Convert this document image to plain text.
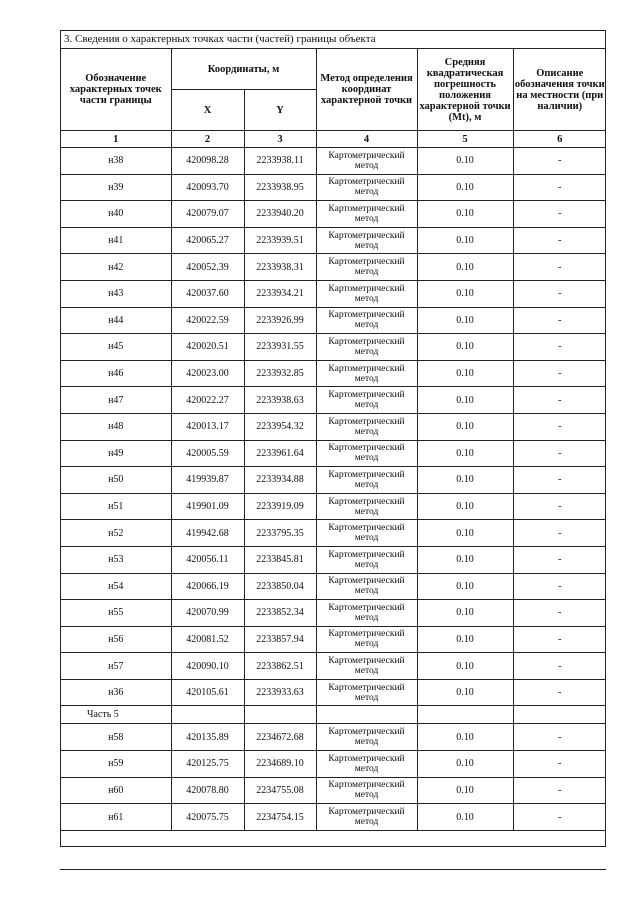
3. Сведения о характерных точках части (частей) границы объекта
Обозначение характерных точек части границы	Координаты, м		Метод определения координат характерной точки	Средняя квадратическая погрешность положения характерной точки (Mt), м	Описание обозначения точки на местности (при наличии)
	X	Y			
1	2	3	4	5	6
н38	420098.28	2233938.11	Картометрический метод	0.10	-
н39	420093.70	2233938.95	Картометрический метод	0.10	-
н40	420079.07	2233940.20	Картометрический метод	0.10	-
н41	420065.27	2233939.51	Картометрический метод	0.10	-
н42	420052.39	2233938.31	Картометрический метод	0.10	-
н43	420037.60	2233934.21	Картометрический метод	0.10	-
н44	420022.59	2233926.99	Картометрический метод	0.10	-
н45	420020.51	2233931.55	Картометрический метод	0.10	-
н46	420023.00	2233932.85	Картометрический метод	0.10	-
н47	420022.27	2233938.63	Картометрический метод	0.10	-
н48	420013.17	2233954.32	Картометрический метод	0.10	-
н49	420005.59	2233961.64	Картометрический метод	0.10	-
н50	419939.87	2233934.88	Картометрический метод	0.10	-
н51	419901.09	2233919.09	Картометрический метод	0.10	-
н52	419942.68	2233795.35	Картометрический метод	0.10	-
н53	420056.11	2233845.81	Картометрический метод	0.10	-
н54	420066.19	2233850.04	Картометрический метод	0.10	-
н55	420070.99	2233852.34	Картометрический метод	0.10	-
н56	420081.52	2233857.94	Картометрический метод	0.10	-
н57	420090.10	2233862.51	Картометрический метод	0.10	-
н36	420105.61	2233933.63	Картометрический метод	0.10	-
Часть 5					
н58	420135.89	2234672.68	Картометрический метод	0.10	-
н59	420125.75	2234689.10	Картометрический метод	0.10	-
н60	420078.80	2234755.08	Картометрический метод	0.10	-
н61	420075.75	2234754.15	Картометрический метод	0.10	-
